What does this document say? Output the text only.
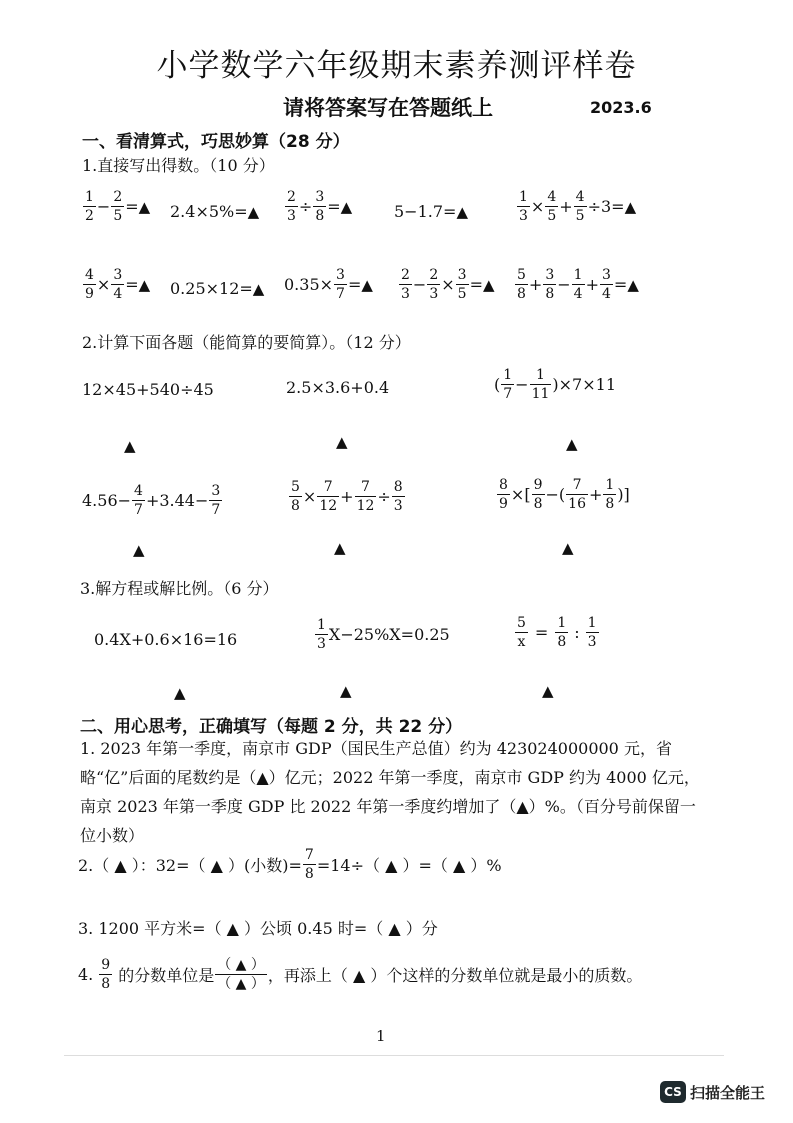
小学数学六年级期末素养测评样卷
请将答案写在答题纸上	2023.6
一、看清算式，巧思妙算（28 分）
1.直接写出得数。（10 分）
$\frac{1}{2} - \frac{2}{5}$ = ▲ 2.4×5%= ▲ $\frac{2}{3} \div \frac{3}{8}$ = ▲	5−1.7= ▲	$\frac{1}{3} \times \frac{4}{5} + \frac{4}{5} \div 3=$ ▲
$\frac{4}{9} \times \frac{3}{4}$ = ▲ 0.25×12= ▲ $0.35\times \frac{3}{7}$ = ▲ $\frac{2}{3} - \frac{2}{3} \times \frac{3}{5}$ = ▲ $\frac{5}{8} + \frac{3}{8} - \frac{1}{4} + \frac{3}{4}$ = ▲
2.计算下面各题（能简算的要简算）。（12 分）
12×45+540÷45	2.5×3.6+0.4	( $\frac{1}{7} - \frac{1}{11} )\times 7\times 11$
▲	▲	▲
$4.56- \frac{4}{7} +3.44- \frac{3}{7}$	$\frac{5}{8} \times \frac{7}{12} + \frac{7}{12} \div \frac{8}{3}$	$\frac{8}{9}$ ×[ $\frac{9}{8}$ −( $\frac{7}{16} + \frac{1}{8}$ )]
▲	▲	▲
3.解方程或解比例。（6 分）
0.4X+0.6×16=16	$\frac{1}{3} X-25\%X=0.25$	$\frac{5}{x} = \frac{1}{8}$ : $\frac{1}{3}$
▲	▲	▲
二、用心思考，正确填写（每题 2 分，共 22 分）
1. 2023 年第一季度，南京市 GDP（国民生产总值）约为 423024000000 元，省略“亿”后面的尾数约是（▲）亿元；2022 年第一季度，南京市 GDP 约为 4000 亿元，南京 2023 年第一季度 GDP 比 2022 年第一季度约增加了（▲）%。（百分号前保留一位小数）
2.（ ▲ ）：32=（ ▲ ）(小数)= $\frac{7}{8} =14\div$（ ▲ ）=（ ▲ ）%
3. 1200 平方米=（ ▲ ）公顷 0.45 时=（ ▲ ）分
4. $\frac{9}{8}$ 的分数单位是 $\frac{( ▲ )}{( ▲ )}$ ，再添上（ ▲ ）个这样的分数单位就是最小的质数。
1
CS 扫描全能王
